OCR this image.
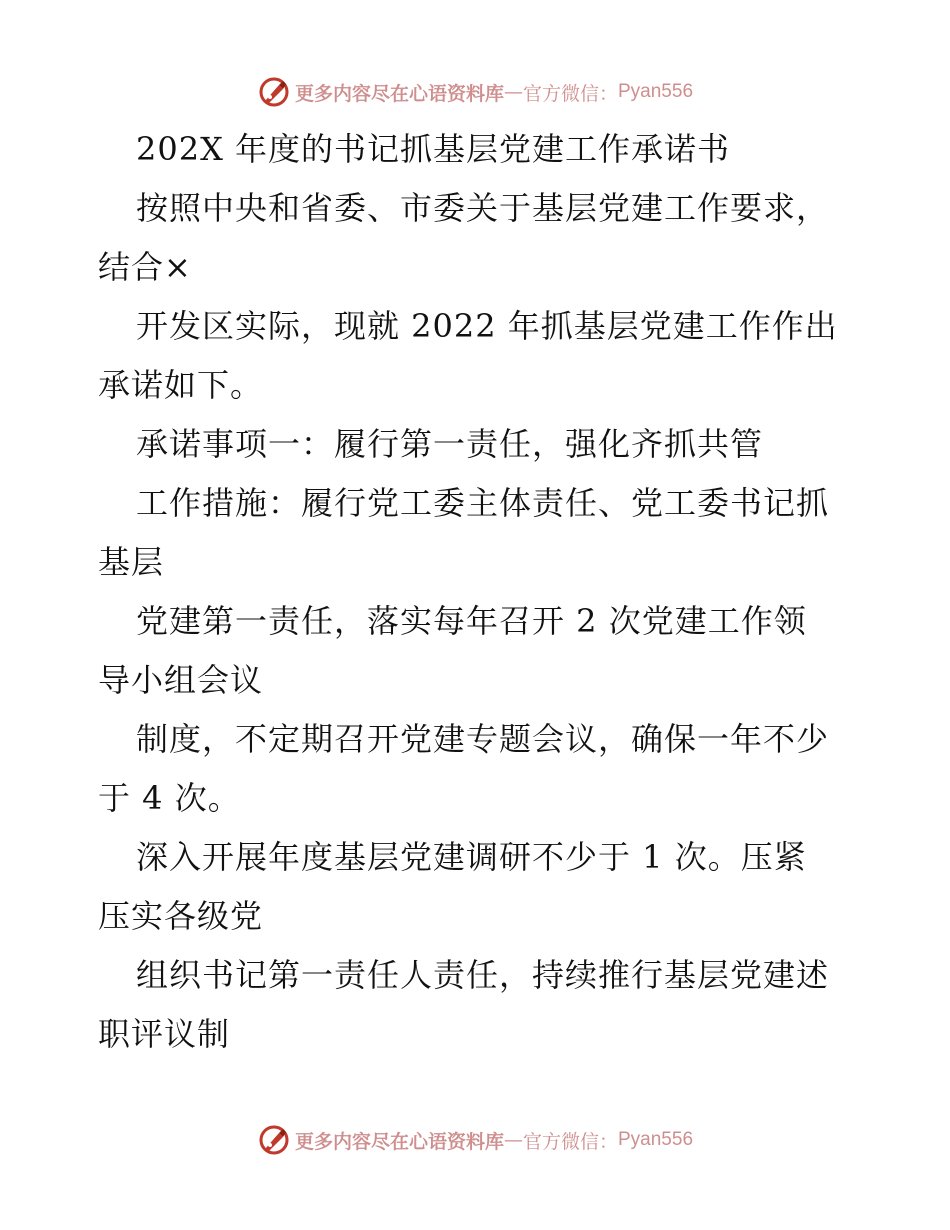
更多内容尽在心语资料库 — 官方微信： Pyan556
202X 年度的书记抓基层党建工作承诺书
按照中央和省委、市委关于基层党建工作要求，
结合×
开发区实际，现就 2022 年抓基层党建工作作出
承诺如下。
承诺事项一：履行第一责任，强化齐抓共管
工作措施：履行党工委主体责任、党工委书记抓
基层
党建第一责任，落实每年召开 2 次党建工作领
导小组会议
制度，不定期召开党建专题会议，确保一年不少
于 4 次。
深入开展年度基层党建调研不少于 1 次。压紧
压实各级党
组织书记第一责任人责任，持续推行基层党建述
职评议制
更多内容尽在心语资料库 — 官方微信： Pyan556
